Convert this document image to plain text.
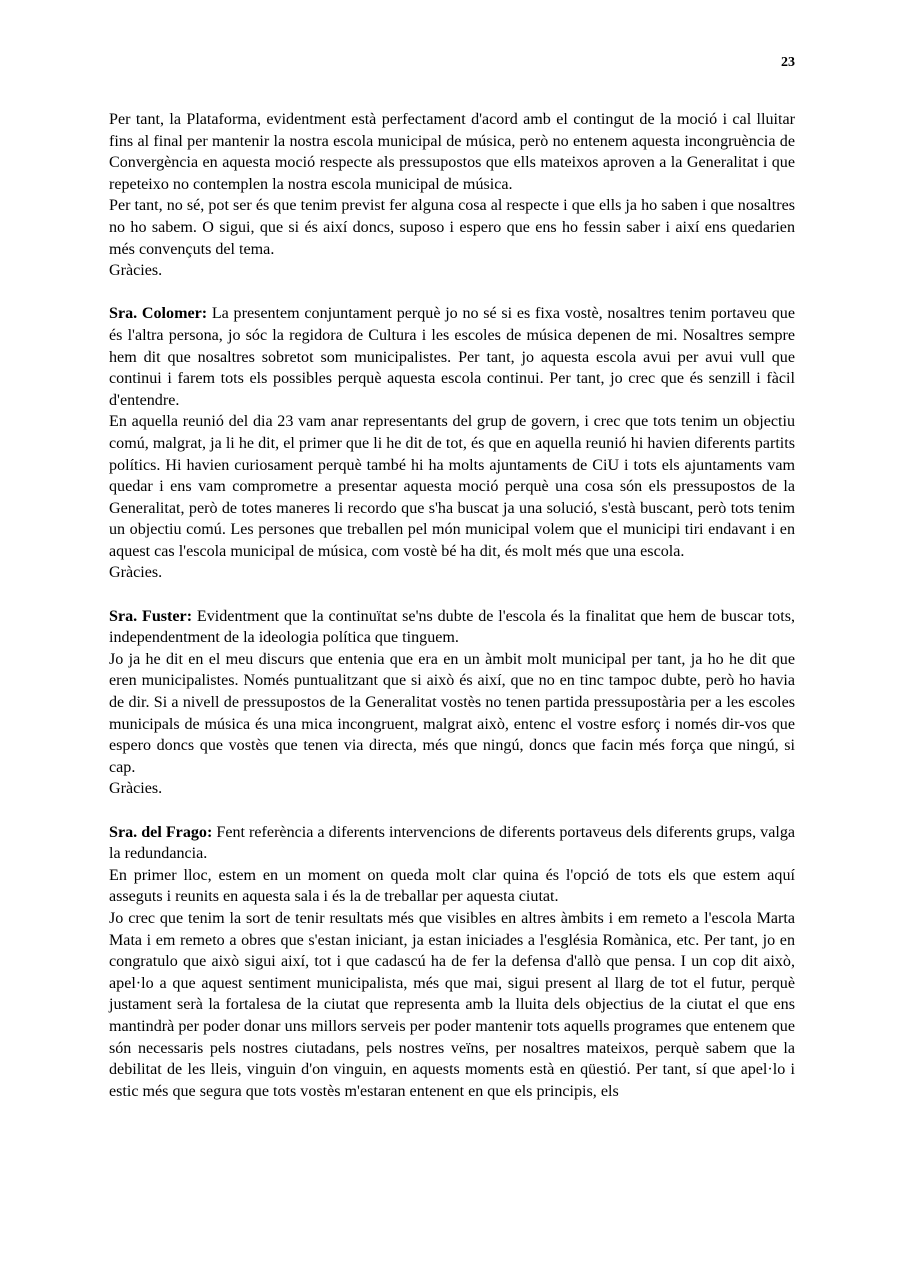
23

Per tant, la Plataforma, evidentment està perfectament d'acord amb el contingut de la moció i cal lluitar fins al final per mantenir la nostra escola municipal de música, però no entenem aquesta incongruència de Convergència en aquesta moció respecte als pressupostos que ells mateixos aproven a la Generalitat i que repeteixo no contemplen la nostra escola municipal de música.

Per tant, no sé, pot ser és que tenim previst fer alguna cosa al respecte i que ells ja ho saben i que nosaltres no ho sabem. O sigui, que si és així doncs, suposo i espero que ens ho fessin saber i així ens quedarien més convençuts del tema.

Gràcies.

Sra. Colomer: La presentem conjuntament perquè jo no sé si es fixa vostè, nosaltres tenim portaveu que és l'altra persona, jo sóc la regidora de Cultura i les escoles de música depenen de mi. Nosaltres sempre hem dit que nosaltres sobretot som municipalistes. Per tant, jo aquesta escola avui per avui vull que continui i farem tots els possibles perquè aquesta escola continui. Per tant, jo crec que és senzill i fàcil d'entendre.

En aquella reunió del dia 23 vam anar representants del grup de govern, i crec que tots tenim un objectiu comú, malgrat, ja li he dit, el primer que li he dit de tot, és que en aquella reunió hi havien diferents partits polítics. Hi havien curiosament perquè també hi ha molts ajuntaments de CiU i tots els ajuntaments vam quedar i ens vam comprometre a presentar aquesta moció perquè una cosa són els pressupostos de la Generalitat, però de totes maneres li recordo que s'ha buscat ja una solució, s'està buscant, però tots tenim un objectiu comú. Les persones que treballen pel món municipal volem que el municipi tiri endavant i en aquest cas l'escola municipal de música, com vostè bé ha dit, és molt més que una escola.

Gràcies.

Sra. Fuster: Evidentment que la continuïtat se'ns dubte de l'escola és la finalitat que hem de buscar tots, independentment de la ideologia política que tinguem.

Jo ja he dit en el meu discurs que entenia que era en un àmbit molt municipal per tant, ja ho he dit que eren municipalistes. Només puntualitzant que si això és així, que no en tinc tampoc dubte, però ho havia de dir. Si a nivell de pressupostos de la Generalitat vostès no tenen partida pressupostària per a les escoles municipals de música és una mica incongruent, malgrat això, entenc el vostre esforç i només dir-vos que espero doncs que vostès que tenen via directa, més que ningú, doncs que facin més força que ningú, si cap.

Gràcies.

Sra. del Frago: Fent referència a diferents intervencions de diferents portaveus dels diferents grups, valga la redundancia.

En primer lloc, estem en un moment on queda molt clar quina és l'opció de tots els que estem aquí asseguts i reunits en aquesta sala i és la de treballar per aquesta ciutat.

Jo crec que tenim la sort de tenir resultats més que visibles en altres àmbits i em remeto a l'escola Marta Mata i em remeto a obres que s'estan iniciant, ja estan iniciades a l'església Romànica, etc. Per tant, jo en congratulo que això sigui així, tot i que cadascú ha de fer la defensa d'allò que pensa. I un cop dit això, apel·lo a que aquest sentiment municipalista, més que mai, sigui present al llarg de tot el futur, perquè justament serà la fortalesa de la ciutat que representa amb la lluita dels objectius de la ciutat el que ens mantindrà per poder donar uns millors serveis per poder mantenir tots aquells programes que entenem que són necessaris pels nostres ciutadans, pels nostres veïns, per nosaltres mateixos, perquè sabem que la debilitat de les lleis, vinguin d'on vinguin, en aquests moments està en qüestió. Per tant, sí que apel·lo i estic més que segura que tots vostès m'estaran entenent en que els principis, els
